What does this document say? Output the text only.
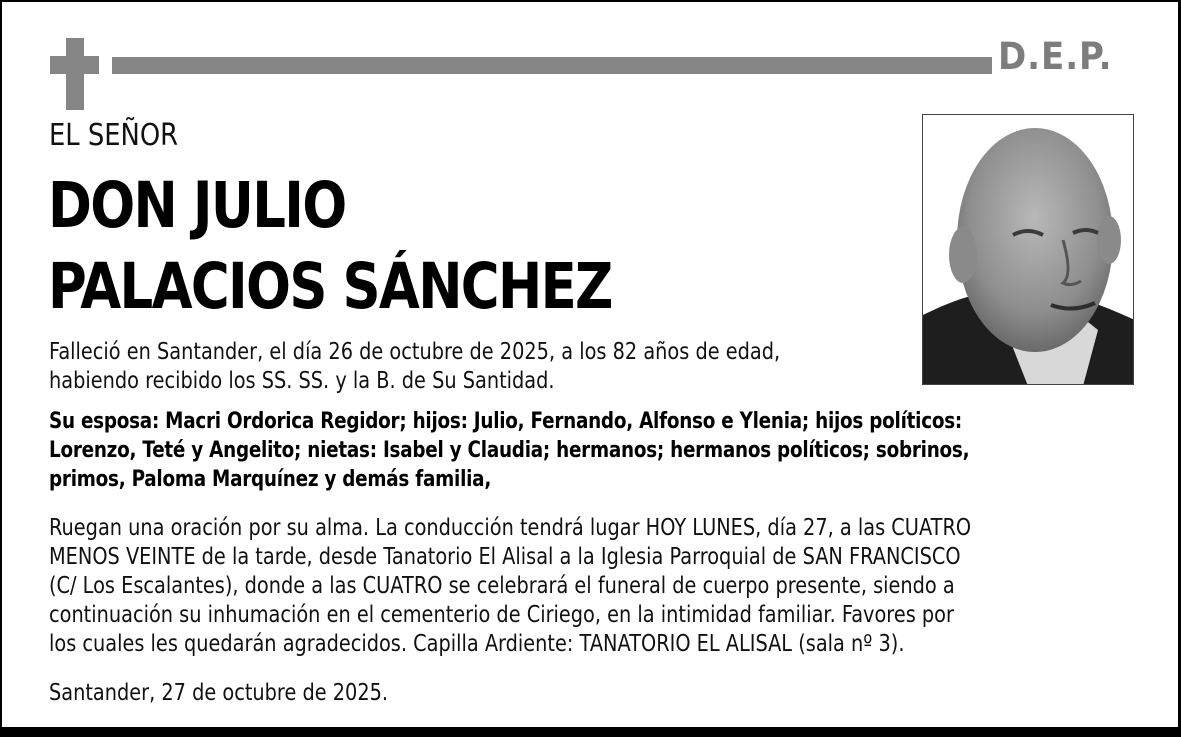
D.E.P.
EL SEÑOR
DON JULIO
PALACIOS SÁNCHEZ
Falleció en Santander, el día 26 de octubre de 2025, a los 82 años de edad,
habiendo recibido los SS. SS. y la B. de Su Santidad.
Su esposa: Macri Ordorica Regidor; hijos: Julio, Fernando, Alfonso e Ylenia; hijos políticos:
Lorenzo, Teté y Angelito; nietas: Isabel y Claudia; hermanos; hermanos políticos; sobrinos,
primos, Paloma Marquínez y demás familia,
Ruegan una oración por su alma. La conducción tendrá lugar HOY LUNES, día 27, a las CUATRO
MENOS VEINTE de la tarde, desde Tanatorio El Alisal a la Iglesia Parroquial de SAN FRANCISCO
(C/ Los Escalantes), donde a las CUATRO se celebrará el funeral de cuerpo presente, siendo a
continuación su inhumación en el cementerio de Ciriego, en la intimidad familiar. Favores por
los cuales les quedarán agradecidos. Capilla Ardiente: TANATORIO EL ALISAL (sala nº 3).
Santander, 27 de octubre de 2025.
